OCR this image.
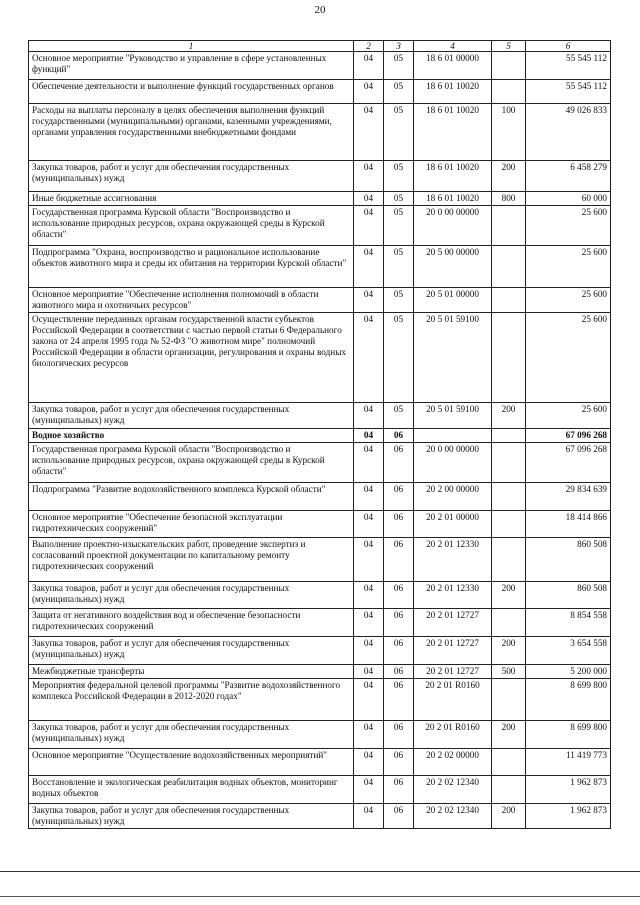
20
1	2	3	4	5	6
Основное мероприятие "Руководство и управление в сфере установленных функций"	04	05	18 6 01 00000		55 545 112
Обеспечение деятельности и выполнение функций государственных органов	04	05	18 6 01 10020		55 545 112
Расходы на выплаты персоналу в целях обеспечения выполнения функций государственными (муниципальными) органами, казенными учреждениями, органами управления государственными внебюджетными фондами	04	05	18 6 01 10020	100	49 026 833
Закупка товаров, работ и услуг для обеспечения государственных (муниципальных) нужд	04	05	18 6 01 10020	200	6 458 279
Иные бюджетные ассигнования	04	05	18 6 01 10020	800	60 000
Государственная программа Курской области "Воспроизводство и использование природных ресурсов, охрана окружающей среды в Курской области"	04	05	20 0 00 00000		25 600
Подпрограмма "Охрана, воспроизводство и рациональное использование объектов животного мира и среды их обитания на территории Курской области"	04	05	20 5 00 00000		25 600
Основное мероприятие "Обеспечение исполнения полномочий в области животного мира и охотничьих ресурсов"	04	05	20 5 01 00000		25 600
Осуществление переданных органам государственной власти субъектов Российской Федерации в соответствии с частью первой статьи 6 Федерального закона от 24 апреля 1995 года № 52-ФЗ "О животном мире" полномочий Российской Федерации в области организации, регулирования и охраны водных биологических ресурсов	04	05	20 5 01 59100		25 600
Закупка товаров, работ и услуг для обеспечения государственных (муниципальных) нужд	04	05	20 5 01 59100	200	25 600
Водное хозяйство	04	06			67 096 268
Государственная программа Курской области "Воспроизводство и использование природных ресурсов, охрана окружающей среды в Курской области"	04	06	20 0 00 00000		67 096 268
Подпрограмма "Развитие водохозяйственного комплекса Курской области"	04	06	20 2 00 00000		29 834 639
Основное мероприятие "Обеспечение безопасной эксплуатации гидротехнических сооружений"	04	06	20 2 01 00000		18 414 866
Выполнение проектно-изыскательских работ, проведение экспертиз и согласований проектной документации по капитальному ремонту гидротехнических сооружений	04	06	20 2 01 12330		860 508
Закупка товаров, работ и услуг для обеспечения государственных (муниципальных) нужд	04	06	20 2 01 12330	200	860 508
Защита от негативного воздействия вод и обеспечение безопасности гидротехнических сооружений	04	06	20 2 01 12727		8 854 558
Закупка товаров, работ и услуг для обеспечения государственных (муниципальных) нужд	04	06	20 2 01 12727	200	3 654 558
Межбюджетные трансферты	04	06	20 2 01 12727	500	5 200 000
Мероприятия федеральной целевой программы "Развитие водохозяйственного комплекса Российской Федерации в 2012-2020 годах"	04	06	20 2 01 R0160		8 699 800
Закупка товаров, работ и услуг для обеспечения государственных (муниципальных) нужд	04	06	20 2 01 R0160	200	8 699 800
Основное мероприятие "Осуществление водохозяйственных мероприятий"	04	06	20 2 02 00000		11 419 773
Восстановление и экологическая реабилитация водных объектов, мониторинг водных объектов	04	06	20 2 02 12340		1 962 873
Закупка товаров, работ и услуг для обеспечения государственных (муниципальных) нужд	04	06	20 2 02 12340	200	1 962 873
